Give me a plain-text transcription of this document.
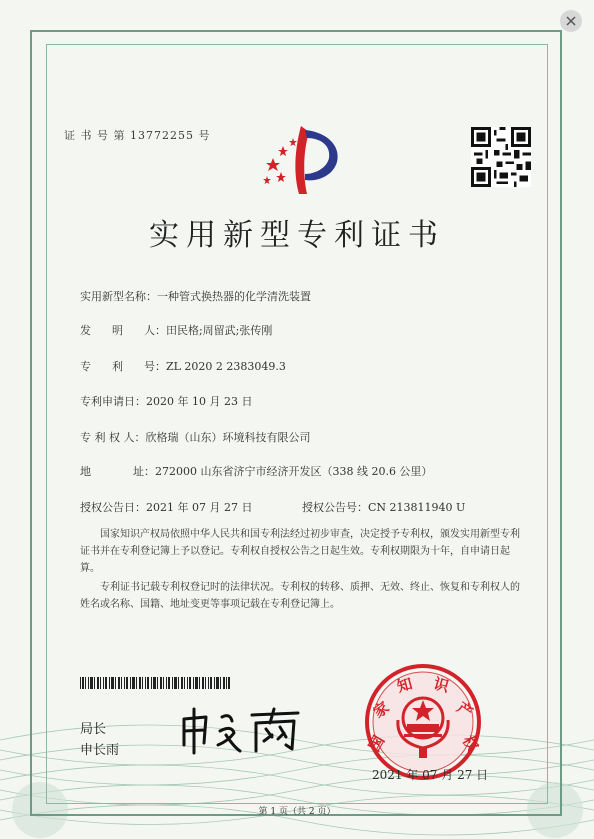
证 书 号 第 13772255 号
实用新型专利证书
实用新型名称：一种管式换热器的化学清洗装置
发      明      人：田民格;周留武;张传刚
专      利      号：ZL 2020 2 2383049.3
专利申请日：2020 年 10 月 23 日
专 利 权 人：欣格瑞（山东）环境科技有限公司
地            址：272000 山东省济宁市经济开发区（338 线 20.6 公里）
授权公告日：2021 年 07 月 27 日	授权公告号：CN 213811940 U
国家知识产权局依照中华人民共和国专利法经过初步审查，决定授予专利权，颁发实用新型专利证书并在专利登记簿上予以登记。专利权自授权公告之日起生效。专利权期限为十年，自申请日起算。
专利证书记载专利权登记时的法律状况。专利权的转移、质押、无效、终止、恢复和专利权人的姓名或名称、国籍、地址变更等事项记载在专利登记簿上。
局长
申长雨	国
家
知 识
产
权
2021 年 07 月 27 日
第 1 页（共 2 页）
